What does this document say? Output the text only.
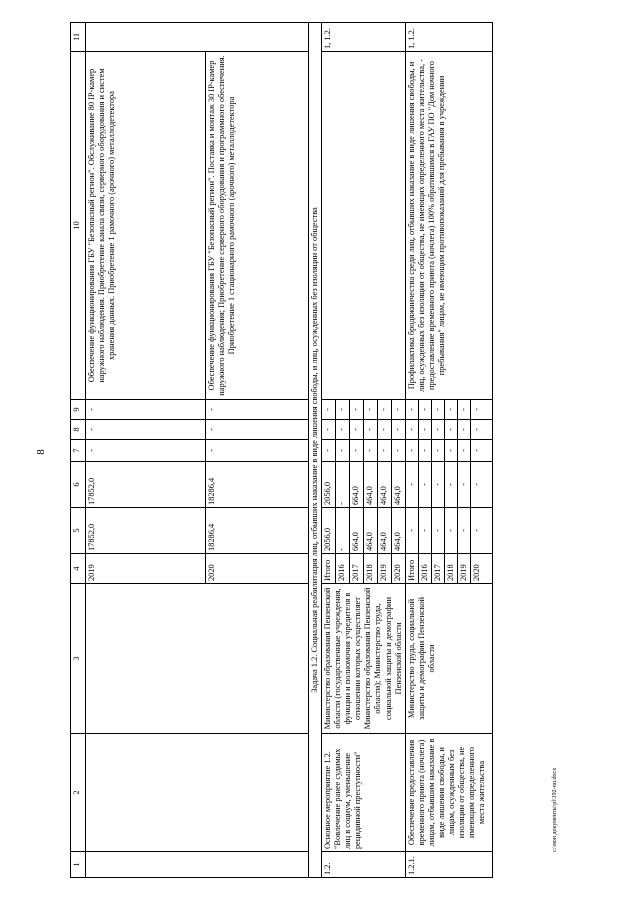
8
1	2	3	4	5	6	7	8	9	10	11
			2019	17852,0	17852,0	-	-	-	Обеспечение функционирования ГБУ "Безопасный регион". Обслуживание 80 IP-камер наружного наблюдения. Приобретение канала связи, серверного оборудования и систем хранения данных. Приобретение 1 рамочного (арочного) металлодетектора	
			2020	18286,4	18286,4	-	-	-	Обеспечение функционирования ГБУ "Безопасный регион". Поставка и монтаж 30 IP-камер наружного наблюдения; Приобретение серверного оборудования и программного обеспечения. Приобретение 1 стационарного рамочного (арочного) металлодетектора	
Задача 1.2. Социальная реабилитация лиц, отбывших наказание в виде лишения свободы, и лиц, осужденных без изоляции от общества										
1.2.	Основное мероприятие 1.2. "Вовлечение ранее судимых лиц в социум, уменьшение рецидивной преступности"	Министерство образования Пензенской области (государственные учреждения, функции и полномочия учредителя в отношении которых осуществляет Министерство образования Пензенской области); Министерство труда, социальной защиты и демографии Пензенской области	Итого	2056,0	2056,0	-	-	-		1, 1.2.
			2016	-	-	-	-	-		
			2017	664,0	664,0	-	-	-		
			2018	464,0	464,0	-	-	-		
			2019	464,0	464,0	-	-	-		
			2020	464,0	464,0	-	-	-		
1.2.1.	Обеспечение предоставления временного приюта (ночлега) лицам, отбывшим наказание в виде лишения свободы, и лицам, осужденным без изоляции от общества, не имеющим определенного места жительства	Министерство труда, социальной защиты и демографии Пензенской области	Итого	-	-	-	-	-	Профилактика бродяжничества среди лиц, отбывших наказание в виде лишения свободы, и лиц, осужденных без изоляции от общества, не имеющих определенного места жительства, - предоставление временного приюта (ночлега) 100% обратившимся в ГАУ ПО "Дом ночного пребывания" лицам, не имеющим противопоказаний для пребывания в учреждении	1, 1.2.
			2016	-	-	-	-	-		
			2017	-	-	-	-	-		
			2018	-	-	-	-	-		
			2019	-	-	-	-	-		
			2020	-	-	-	-	-		
c:\мои документы\pl\192-пп.docx
